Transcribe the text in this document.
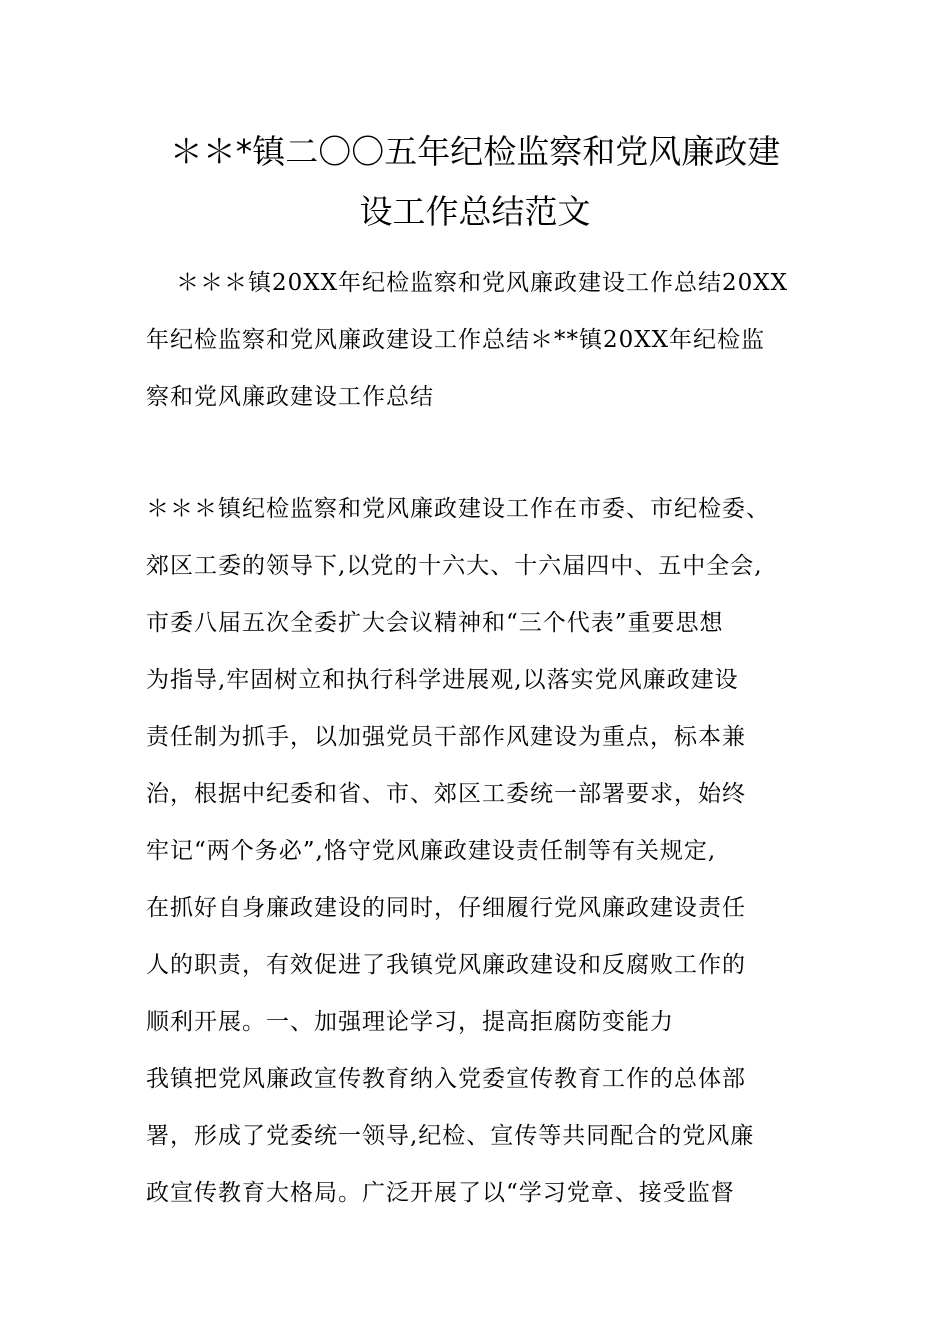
＊＊*镇二〇〇五年纪检监察和党风廉政建
设工作总结范文

＊＊＊镇20XX年纪检监察和党风廉政建设工作总结20XX
年纪检监察和党风廉政建设工作总结＊**镇20XX年纪检监
察和党风廉政建设工作总结

＊＊＊镇纪检监察和党风廉政建设工作在市委、市纪检委、
郊区工委的领导下,以党的十六大、十六届四中、五中全会,
市委八届五次全委扩大会议精神和“三个代表”重要思想
为指导,牢固树立和执行科学进展观,以落实党风廉政建设
责任制为抓手，以加强党员干部作风建设为重点，标本兼
治，根据中纪委和省、市、郊区工委统一部署要求，始终
牢记“两个务必”,恪守党风廉政建设责任制等有关规定,
在抓好自身廉政建设的同时，仔细履行党风廉政建设责任
人的职责，有效促进了我镇党风廉政建设和反腐败工作的
顺利开展。一、加强理论学习，提高拒腐防变能力
我镇把党风廉政宣传教育纳入党委宣传教育工作的总体部
署，形成了党委统一领导,纪检、宣传等共同配合的党风廉
政宣传教育大格局。广泛开展了以“学习党章、接受监督
